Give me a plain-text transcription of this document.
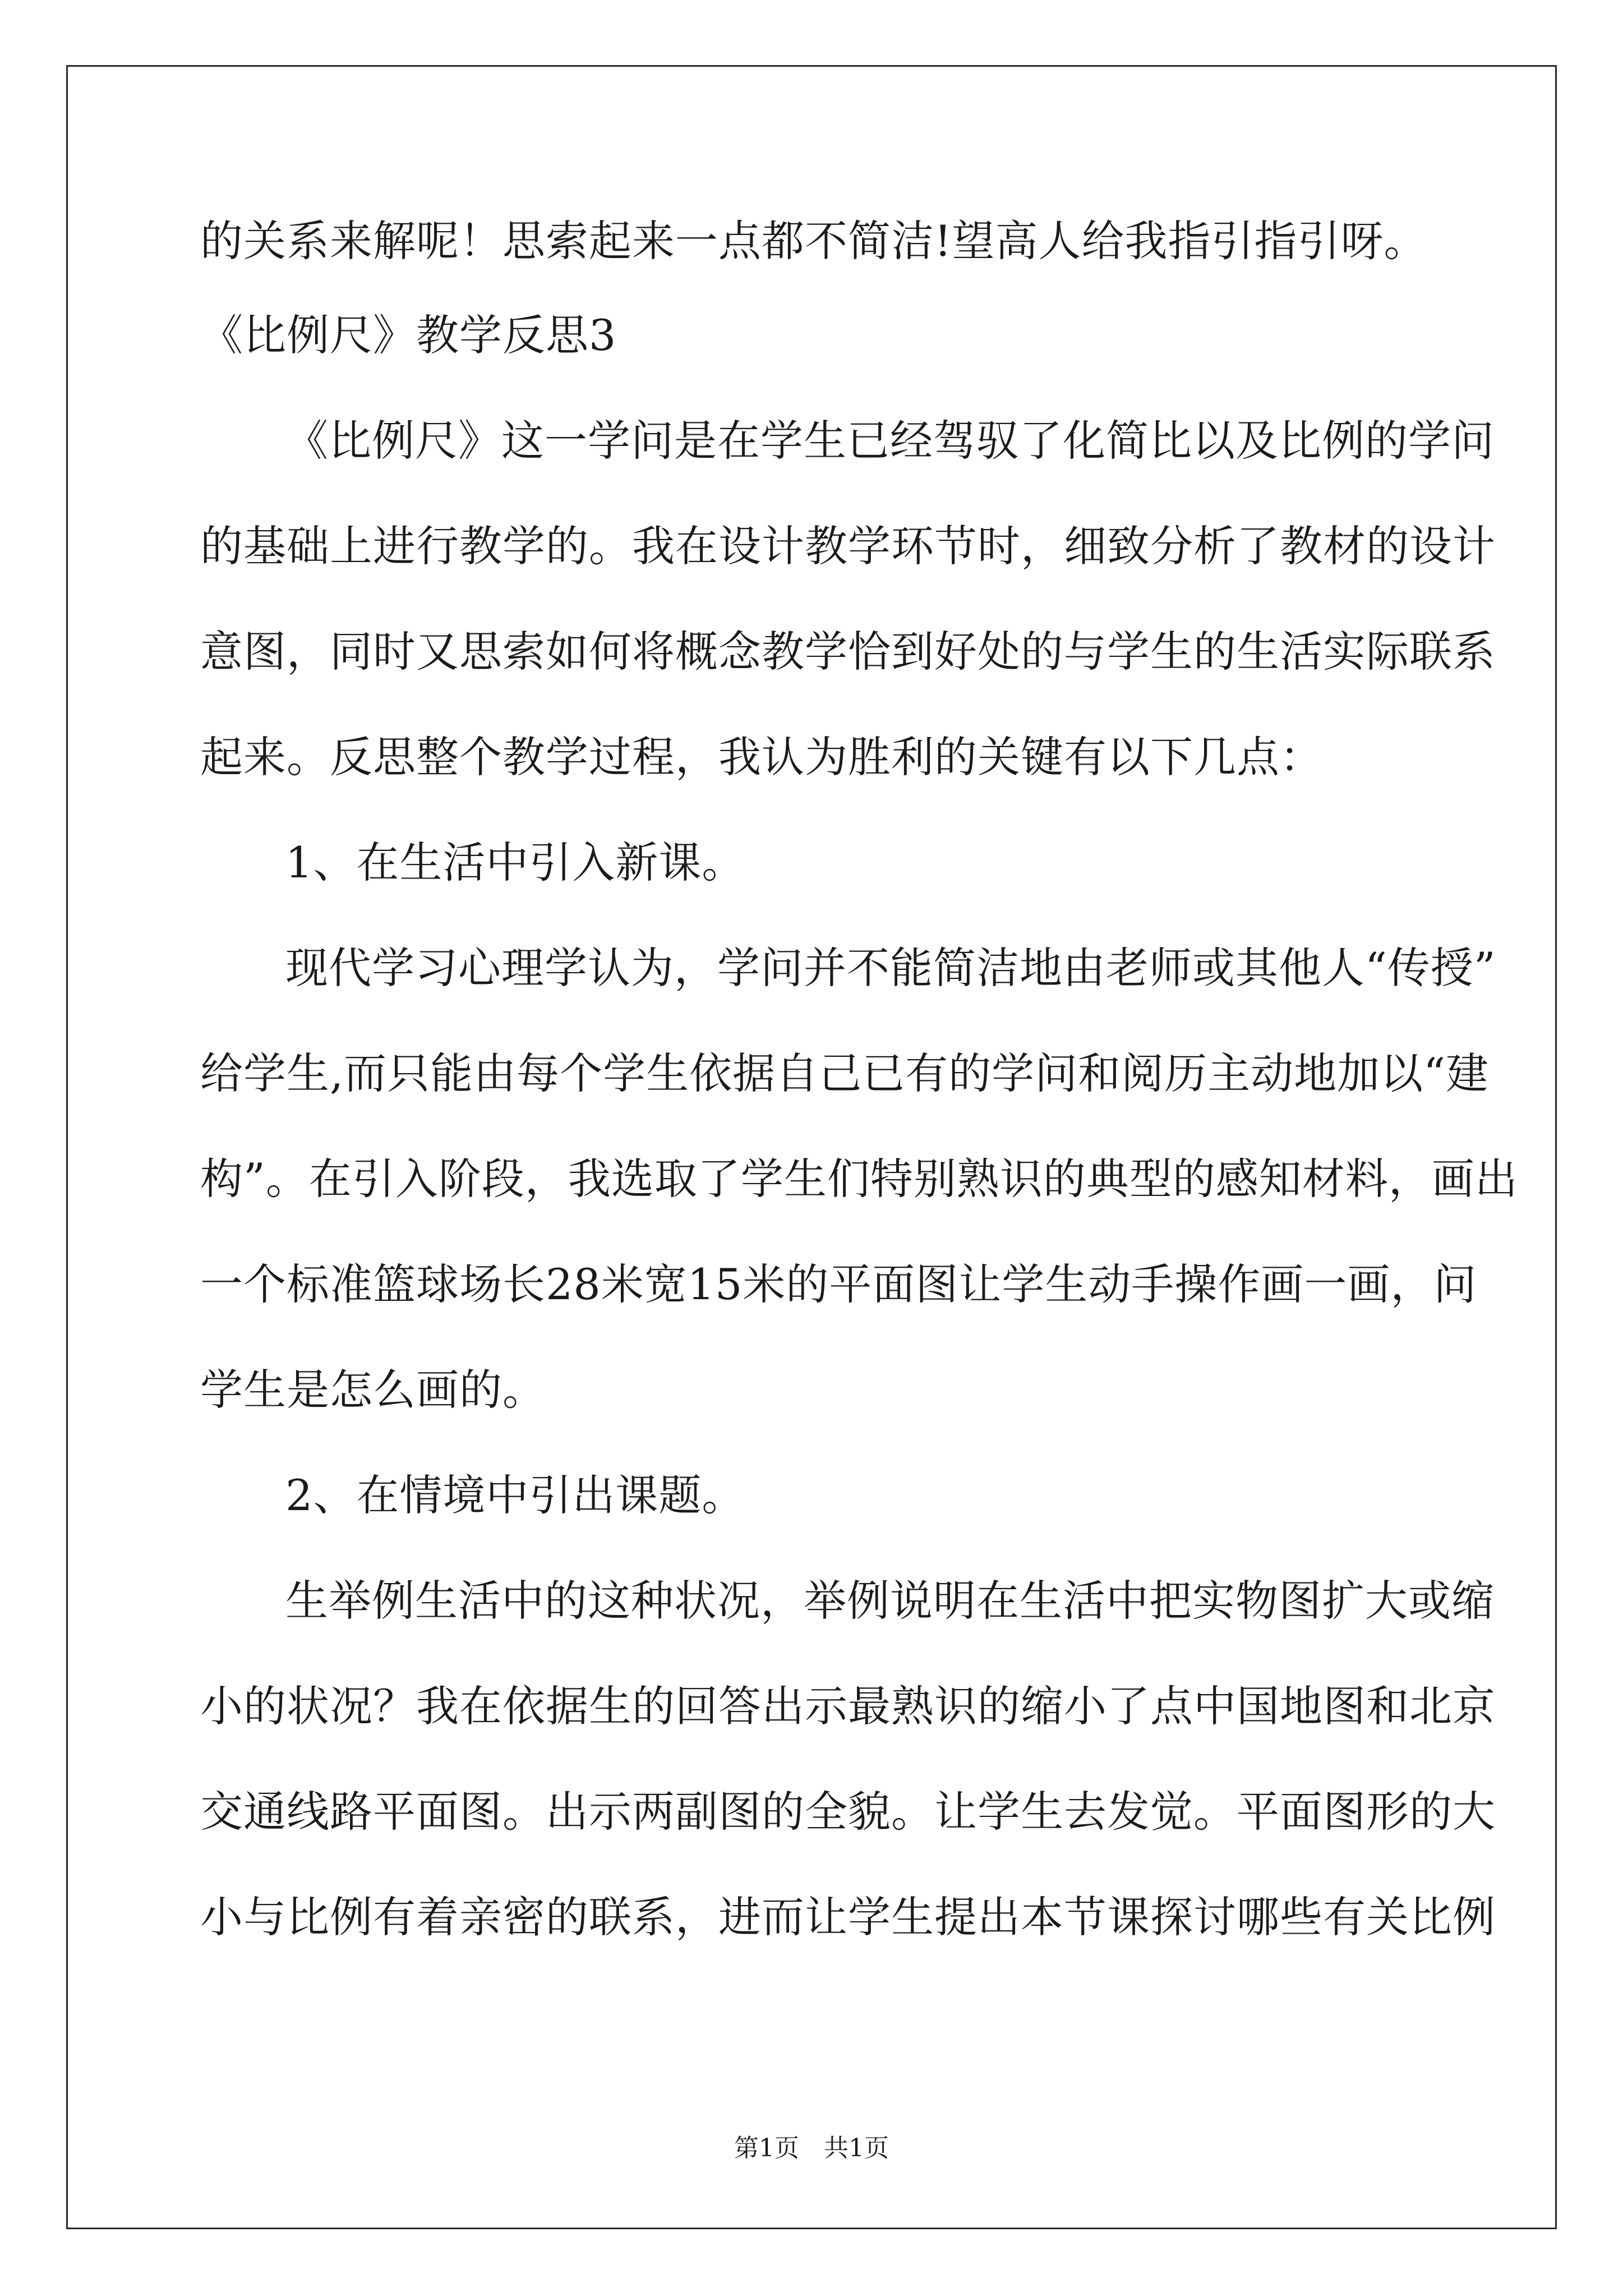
的关系来解呢！思索起来一点都不简洁!望高人给我指引指引呀。
《比例尺》教学反思3
《比例尺》这一学问是在学生已经驾驭了化简比以及比例的学问
的基础上进行教学的。我在设计教学环节时，细致分析了教材的设计
意图，同时又思索如何将概念教学恰到好处的与学生的生活实际联系
起来。反思整个教学过程，我认为胜利的关键有以下几点：
1、在生活中引入新课。
现代学习心理学认为，学问并不能简洁地由老师或其他人“传授”
给学生,而只能由每个学生依据自己已有的学问和阅历主动地加以“建
构”。在引入阶段，我选取了学生们特别熟识的典型的感知材料，画出
一个标准篮球场长28米宽15米的平面图让学生动手操作画一画，问
学生是怎么画的。
2、在情境中引出课题。
生举例生活中的这种状况，举例说明在生活中把实物图扩大或缩
小的状况？我在依据生的回答出示最熟识的缩小了点中国地图和北京
交通线路平面图。出示两副图的全貌。让学生去发觉。平面图形的大
小与比例有着亲密的联系，进而让学生提出本节课探讨哪些有关比例
第1页　共1页
